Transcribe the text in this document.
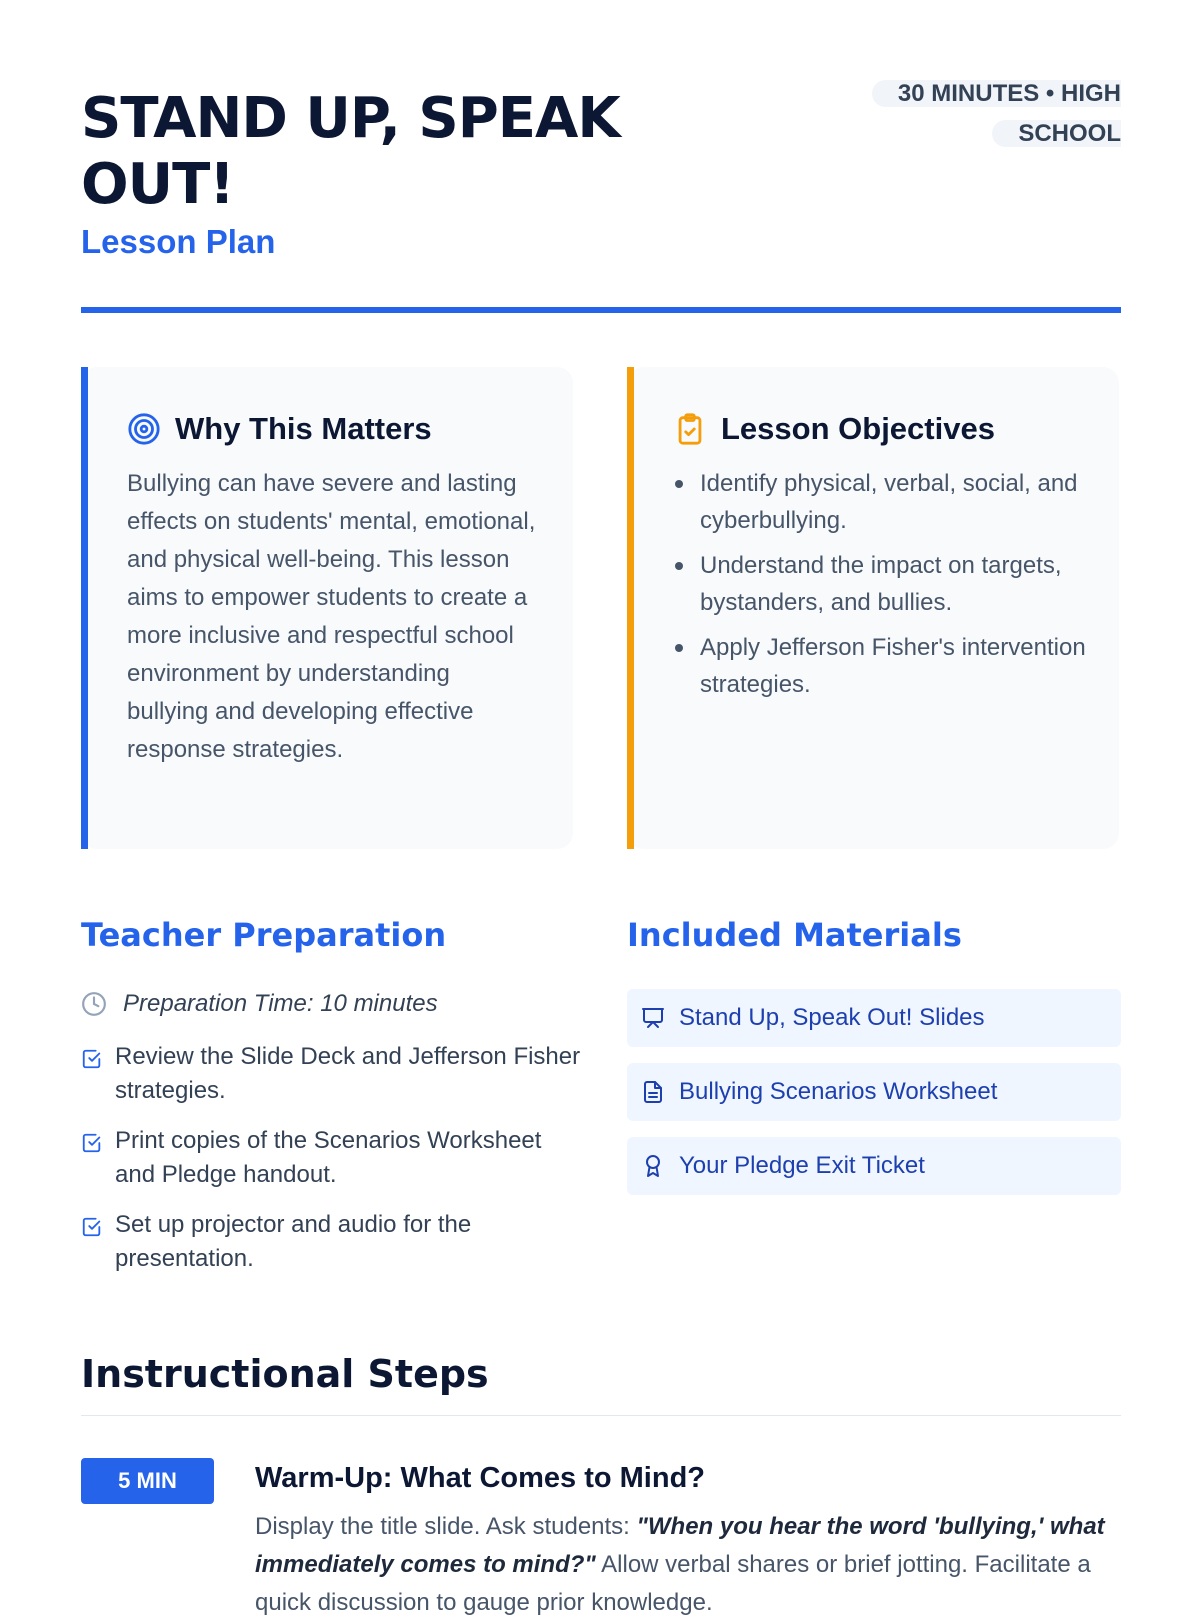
STAND UP, SPEAK OUT!
Lesson Plan
30 MINUTES • HIGH SCHOOL
Why This Matters

Bullying can have severe and lasting effects on students' mental, emotional, and physical well-being. This lesson aims to empower students to create a more inclusive and respectful school environment by understanding bullying and developing effective response strategies.

Lesson Objectives
Identify physical, verbal, social, and cyberbullying.
Understand the impact on targets, bystanders, and bullies.
Apply Jefferson Fisher's intervention strategies.
Teacher Preparation
Preparation Time: 10 minutes
Review the Slide Deck and Jefferson Fisher strategies.
Print copies of the Scenarios Worksheet and Pledge handout.
Set up projector and audio for the presentation.
Included Materials
Stand Up, Speak Out! Slides
Bullying Scenarios Worksheet
Your Pledge Exit Ticket
Instructional Steps
5 MIN	Warm-Up: What Comes to Mind?

Display the title slide. Ask students: "When you hear the word 'bullying,' what immediately comes to mind?" Allow verbal shares or brief jotting. Facilitate a quick discussion to gauge prior knowledge.
